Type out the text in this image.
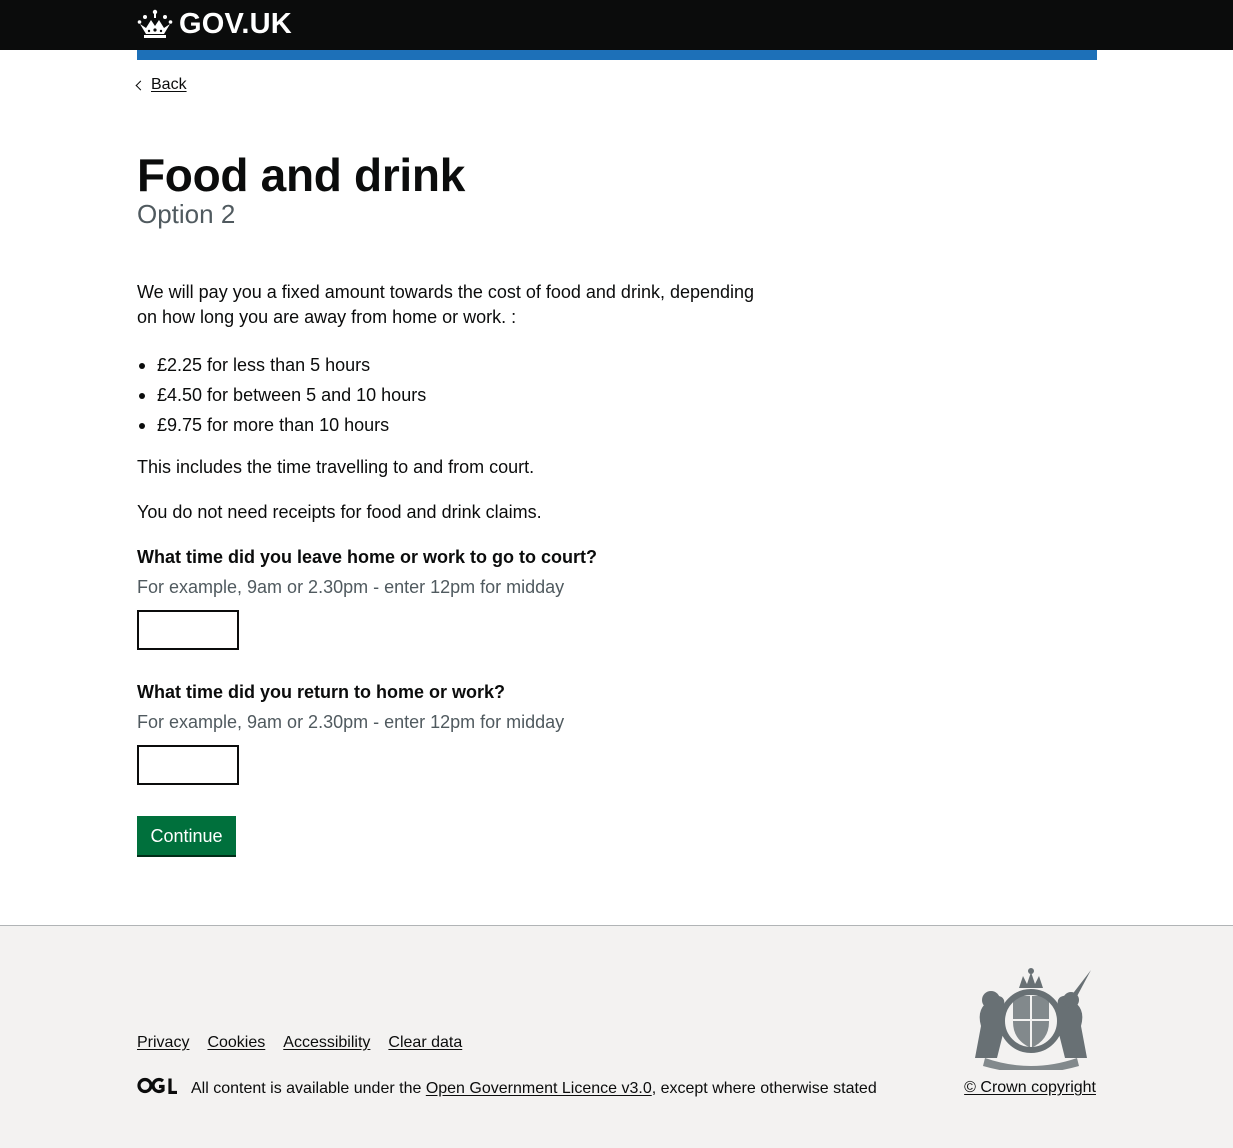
GOV.UK
Back
Food and drink
Option 2

We will pay you a fixed amount towards the cost of food and drink, depending on how long you are away from home or work. :

£2.25 for less than 5 hours
£4.50 for between 5 and 10 hours
£9.75 for more than 10 hours

This includes the time travelling to and from court.

You do not need receipts for food and drink claims.

What time did you leave home or work to go to court?
For example, 9am or 2.30pm - enter 12pm for midday
What time did you return to home or work?
For example, 9am or 2.30pm - enter 12pm for midday
Continue
Privacy Cookies Accessibility Clear data
All content is available under the Open Government Licence v3.0 , except where otherwise stated	© Crown copyright
